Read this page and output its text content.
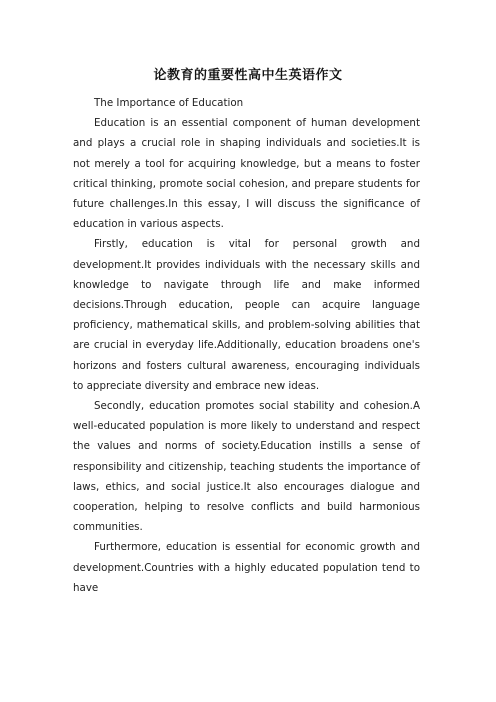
论教育的重要性高中生英语作文

The Importance of Education

Education is an essential component of human development and plays a crucial role in shaping individuals and societies.It is not merely a tool for acquiring knowledge, but a means to foster critical thinking, promote social cohesion, and prepare students for future challenges.In this essay, I will discuss the significance of education in various aspects.

Firstly, education is vital for personal growth and development.It provides individuals with the necessary skills and knowledge to navigate through life and make informed decisions.Through education, people can acquire language proficiency, mathematical skills, and problem-solving abilities that are crucial in everyday life.Additionally, education broadens one's horizons and fosters cultural awareness, encouraging individuals to appreciate diversity and embrace new ideas.

Secondly, education promotes social stability and cohesion.A well-educated population is more likely to understand and respect the values and norms of society.Education instills a sense of responsibility and citizenship, teaching students the importance of laws, ethics, and social justice.It also encourages dialogue and cooperation, helping to resolve conflicts and build harmonious communities.

Furthermore, education is essential for economic growth and development.Countries with a highly educated population tend to have
